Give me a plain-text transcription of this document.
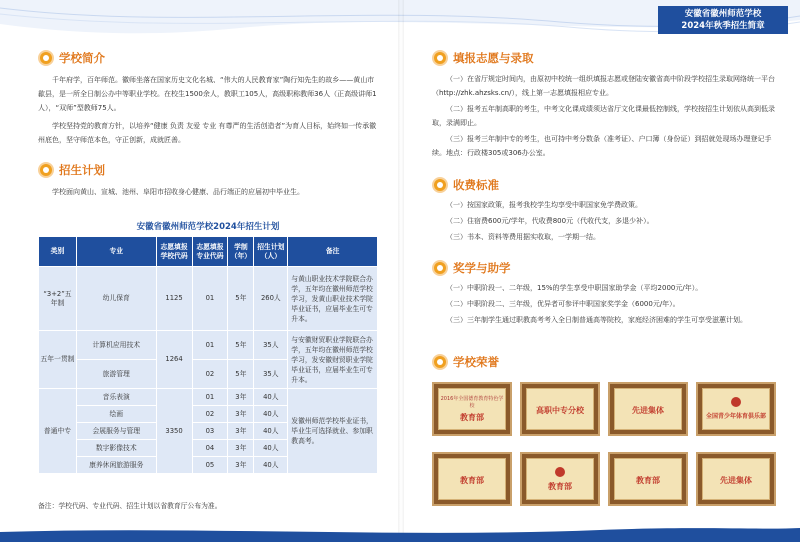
安徽省徽州师范学校
2024年秋季招生简章
学校简介

千年府学，百年师范。徽师坐落在国家历史文化名城、“伟大的人民教育家”陶行知先生的故乡——黄山市歙县，是一所全日制公办中等职业学校。在校生1500余人，教职工105人，高级职称教师36人（正高级讲师1人），“双师”型教师75人。

学校坚持党的教育方针，以培养“健康 负责 友爱 专业 有尊严的生活创造者”为育人目标，始终如一传承徽州底色，坚守师范本色，守正创新，成就匠善。

招生计划

学校面向黄山、宣城、池州、阜阳市招收身心健康、品行端正的应届初中毕业生。

安徽省徽州师范学校2024年招生计划
类别	专业	志愿填报学校代码	志愿填报专业代码	学制（年）	招生计划（人）	备注
“3+2”五年制	幼儿保育	1125	01	5年	260人	与黄山职业技术学院联合办学，五年均在徽州师范学校学习，发黄山职业技术学院毕业证书，应届毕业生可专升本。
五年一贯制	计算机应用技术	1264	01	5年	35人	与安徽财贸职业学院联合办学，五年均在徽州师范学校学习，发安徽财贸职业学院毕业证书，应届毕业生可专升本。
	旅游管理		02	5年	35人	
普通中专	音乐表演	3350	01	3年	40人	发徽州师范学校毕业证书，毕业生可选择就业、参加职教高考。
	绘画		02	3年	40人	
	会展服务与管理		03	3年	40人	
	数字影像技术		04	3年	40人	
	康养休闲旅游服务		05	3年	40人	
备注：学校代码、专业代码、招生计划以省教育厅公布为准。
填报志愿与录取

（一）在省厅规定时间内，由原初中校统一组织填报志愿或登陆安徽省高中阶段学校招生录取网络统一平台（http://zhk.ahzsks.cn/），线上第一志愿填报相应专业。

（二）报考五年制高职的考生，中考文化课成绩须达省厅文化课最低控制线，学校按招生计划依从高到低录取，录满即止。

（三）报考三年制中专的考生，也可持中考分数条（准考证）、户口簿（身份证）到招就处现场办理登记手续。地点：行政楼305或306办公室。

收费标准

（一）按国家政策，报考我校学生均享受中职国家免学费政策。

（二）住宿费600元/学年，代收费800元（代收代支，多退少补）。

（三）书本、资料等费用据实收取，一学期一结。

奖学与助学

（一）中职阶段一、二年级，15%的学生享受中职国家助学金（平均2000元/年）。

（二）中职阶段二、三年级，优异者可参评中职国家奖学金（6000元/年）。

（三）三年制学生通过职教高考考入全日制普通高等院校，家庭经济困难的学生可享受滋蕙计划。

学校荣誉
2016年全国德育教育特色学校
教育部
高职中专分校	先进集体
全国青少年体育俱乐部
教育部
教育部
教育部	先进集体
